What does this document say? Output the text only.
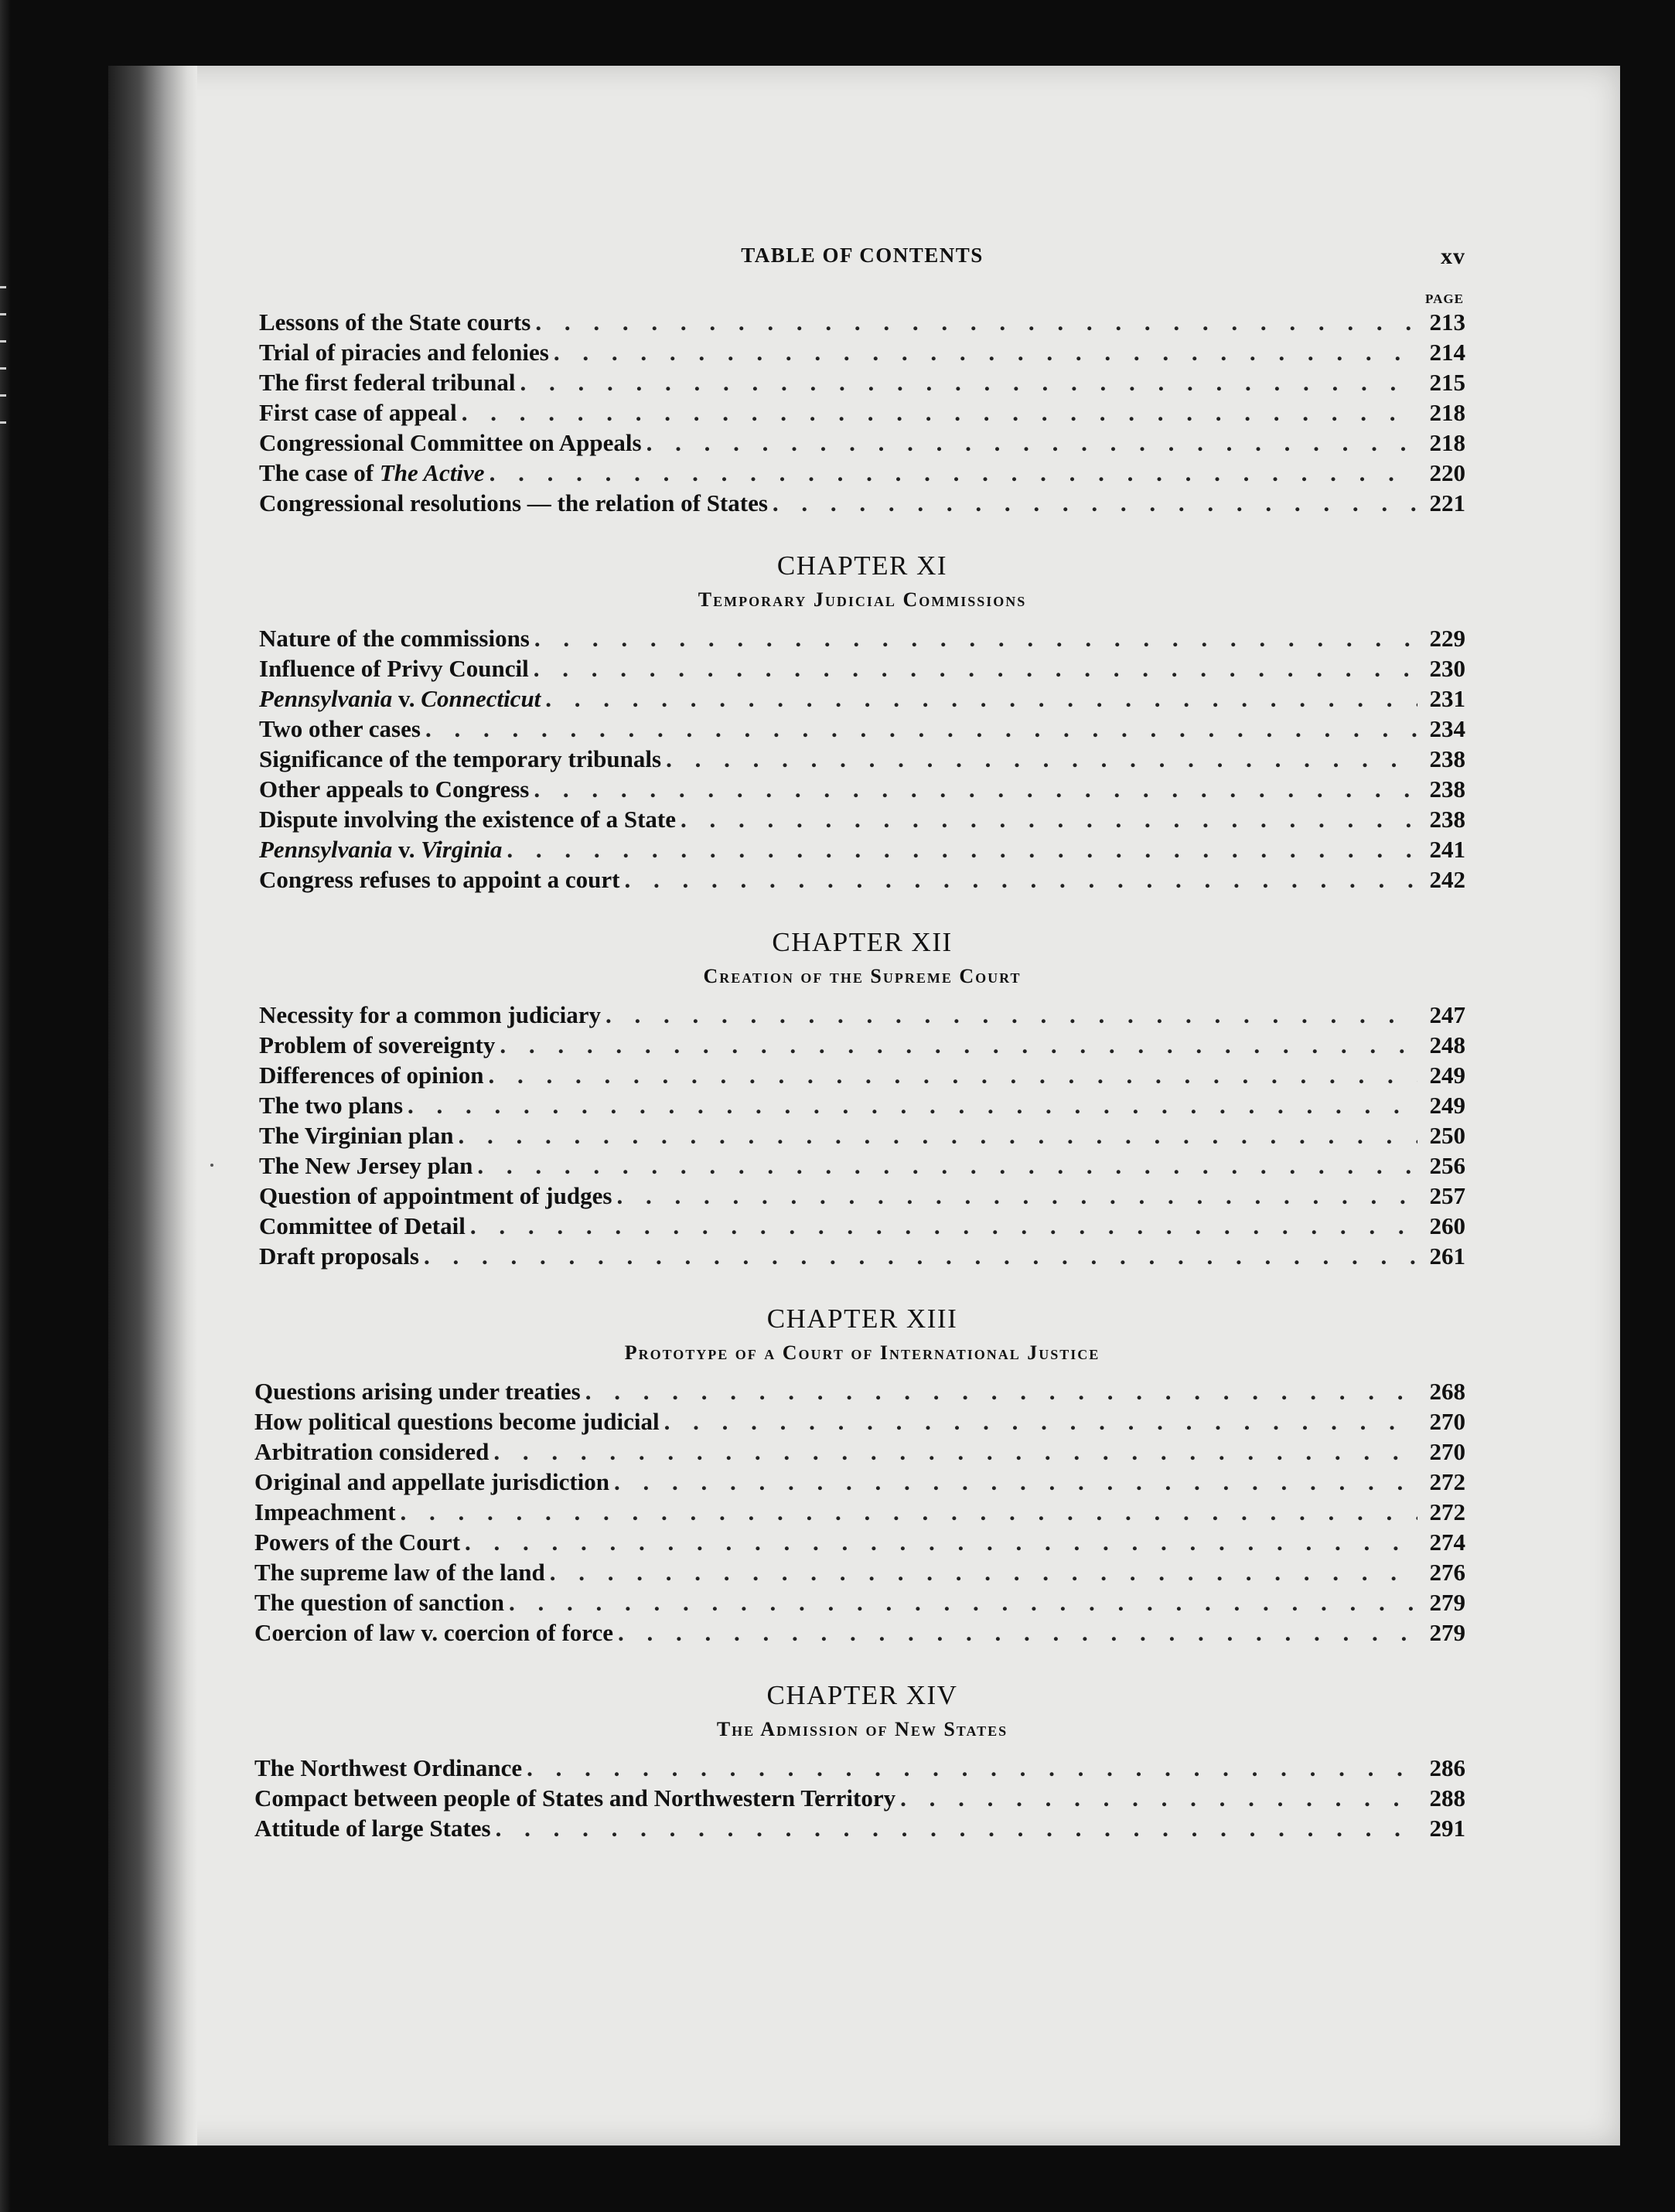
TABLE OF CONTENTS	xv
PAGE
Lessons of the State courts . . .	213
Trial of piracies and felonies . . .	214
The first federal tribunal . . .	215
First case of appeal . . .	218
Congressional Committee on Appeals . . .	218
The case of The Active . . .	220
Congressional resolutions — the relation of States . . .	221
CHAPTER XI
Temporary Judicial Commissions
Nature of the commissions . . .	229
Influence of Privy Council . . .	230
Pennsylvania v. Connecticut . . .	231
Two other cases . . .	234
Significance of the temporary tribunals . . .	238
Other appeals to Congress . . .	238
Dispute involving the existence of a State . . .	238
Pennsylvania v. Virginia . . .	241
Congress refuses to appoint a court . . .	242
CHAPTER XII
Creation of the Supreme Court
Necessity for a common judiciary . . .	247
Problem of sovereignty . . .	248
Differences of opinion . . .	249
The two plans . . .	249
The Virginian plan . . .	250
The New Jersey plan . . .	256
Question of appointment of judges . . .	257
Committee of Detail . . .	260
Draft proposals . . .	261
CHAPTER XIII
Prototype of a Court of International Justice
Questions arising under treaties . . .	268
How political questions become judicial . . .	270
Arbitration considered . . .	270
Original and appellate jurisdiction . . .	272
Impeachment . . .	272
Powers of the Court . . .	274
The supreme law of the land . . .	276
The question of sanction . . .	279
Coercion of law v. coercion of force . . .	279
CHAPTER XIV
The Admission of New States
The Northwest Ordinance . . .	286
Compact between people of States and Northwestern Territory . . .	288
Attitude of large States . . .	291
